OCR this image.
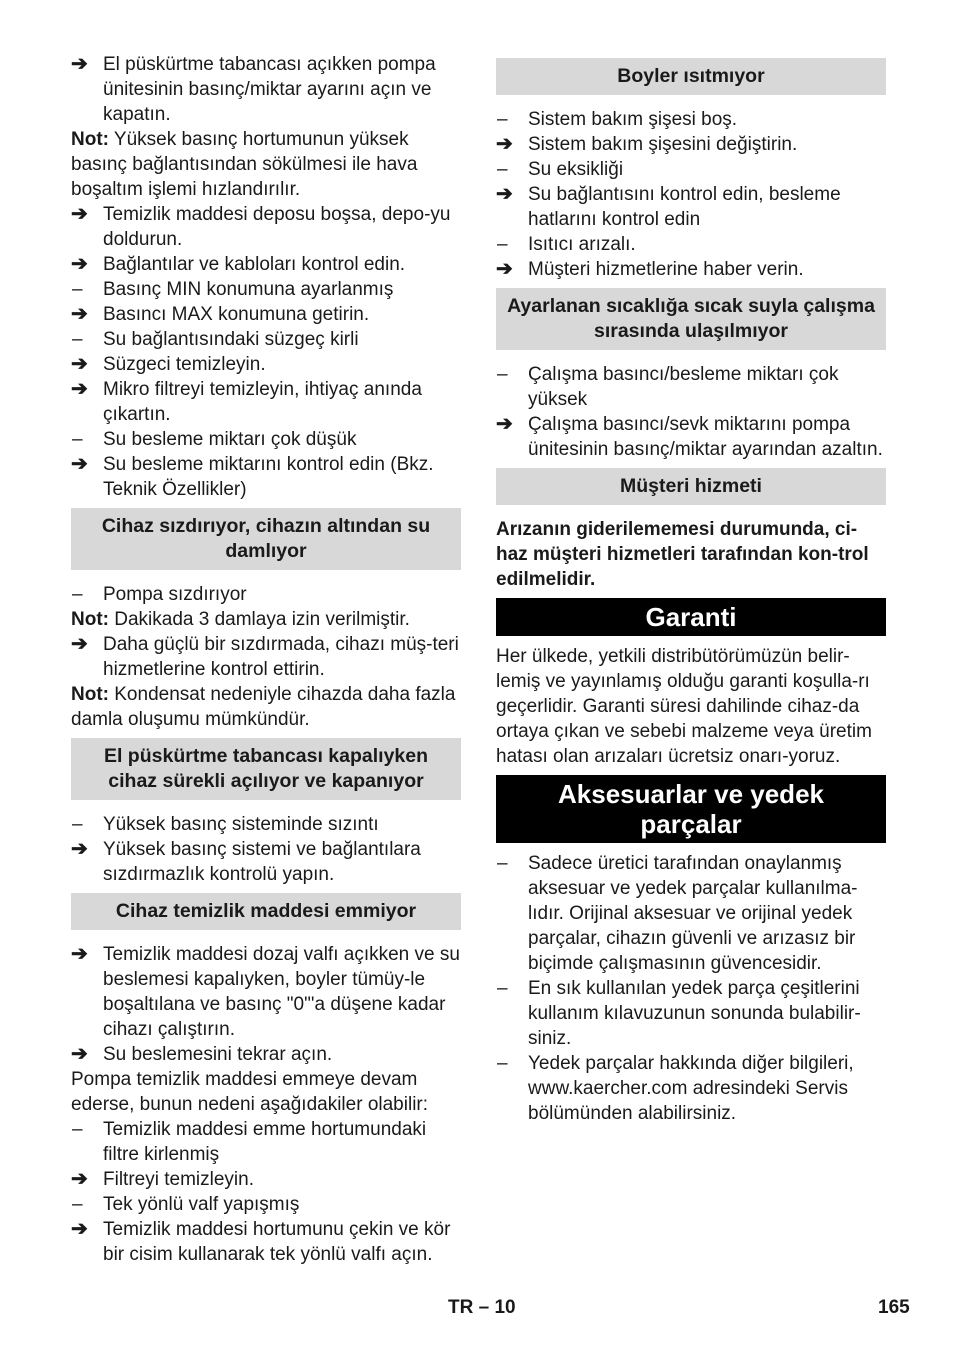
➔ El püskürtme tabancası açıkken pompa ünitesinin basınç/miktar ayarını açın ve kapatın.

Not: Yüksek basınç hortumunun yüksek basınç bağlantısından sökülmesi ile hava boşaltım işlemi hızlandırılır.

➔ Temizlik maddesi deposu boşsa, depo-yu doldurun.
➔ Bağlantılar ve kabloları kontrol edin.
–	Basınç MIN konumuna ayarlanmış
➔ Basıncı MAX konumuna getirin.
–	Su bağlantısındaki süzgeç kirli
➔ Süzgeci temizleyin.
➔ Mikro filtreyi temizleyin, ihtiyaç anında çıkartın.
–	Su besleme miktarı çok düşük
➔ Su besleme miktarını kontrol edin (Bkz. Teknik Özellikler)
Cihaz sızdırıyor, cihazın altından su damlıyor
–	Pompa sızdırıyor

Not: Dakikada 3 damlaya izin verilmiştir.

➔ Daha güçlü bir sızdırmada, cihazı müş-teri hizmetlerine kontrol ettirin.

Not: Kondensat nedeniyle cihazda daha fazla damla oluşumu mümkündür.

El püskürtme tabancası kapalıyken cihaz sürekli açılıyor ve kapanıyor
–	Yüksek basınç sisteminde sızıntı
➔ Yüksek basınç sistemi ve bağlantılara sızdırmazlık kontrolü yapın.
Cihaz temizlik maddesi emmiyor
➔ Temizlik maddesi dozaj valfı açıkken ve su beslemesi kapalıyken, boyler tümüy-le boşaltılana ve basınç "0"'a düşene kadar cihazı çalıştırın.
➔ Su beslemesini tekrar açın.

Pompa temizlik maddesi emmeye devam ederse, bunun nedeni aşağıdakiler olabilir:

–	Temizlik maddesi emme hortumundaki filtre kirlenmiş
➔ Filtreyi temizleyin.
–	Tek yönlü valf yapışmış
➔ Temizlik maddesi hortumunu çekin ve kör bir cisim kullanarak tek yönlü valfı açın.
Boyler ısıtmıyor
–	Sistem bakım şişesi boş.
➔ Sistem bakım şişesini değiştirin.
–	Su eksikliği
➔ Su bağlantısını kontrol edin, besleme hatlarını kontrol edin
–	Isıtıcı arızalı.
➔ Müşteri hizmetlerine haber verin.
Ayarlanan sıcaklığa sıcak suyla çalışma sırasında ulaşılmıyor
–	Çalışma basıncı/besleme miktarı çok yüksek
➔ Çalışma basıncı/sevk miktarını pompa ünitesinin basınç/miktar ayarından azaltın.
Müşteri hizmeti

Arızanın giderilememesi durumunda, ci-haz müşteri hizmetleri tarafından kon-trol edilmelidir.

Garanti

Her ülkede, yetkili distribütörümüzün belir-lemiş ve yayınlamış olduğu garanti koşulla-rı geçerlidir. Garanti süresi dahilinde cihaz-da ortaya çıkan ve sebebi malzeme veya üretim hatası olan arızaları ücretsiz onarı-yoruz.

Aksesuarlar ve yedek parçalar
–	Sadece üretici tarafından onaylanmış aksesuar ve yedek parçalar kullanılma-lıdır. Orijinal aksesuar ve orijinal yedek parçalar, cihazın güvenli ve arızasız bir biçimde çalışmasının güvencesidir.
–	En sık kullanılan yedek parça çeşitlerini kullanım kılavuzunun sonunda bulabilir-siniz.
–	Yedek parçalar hakkında diğer bilgileri, www.kaercher.com adresindeki Servis bölümünden alabilirsiniz.
TR – 10	165
